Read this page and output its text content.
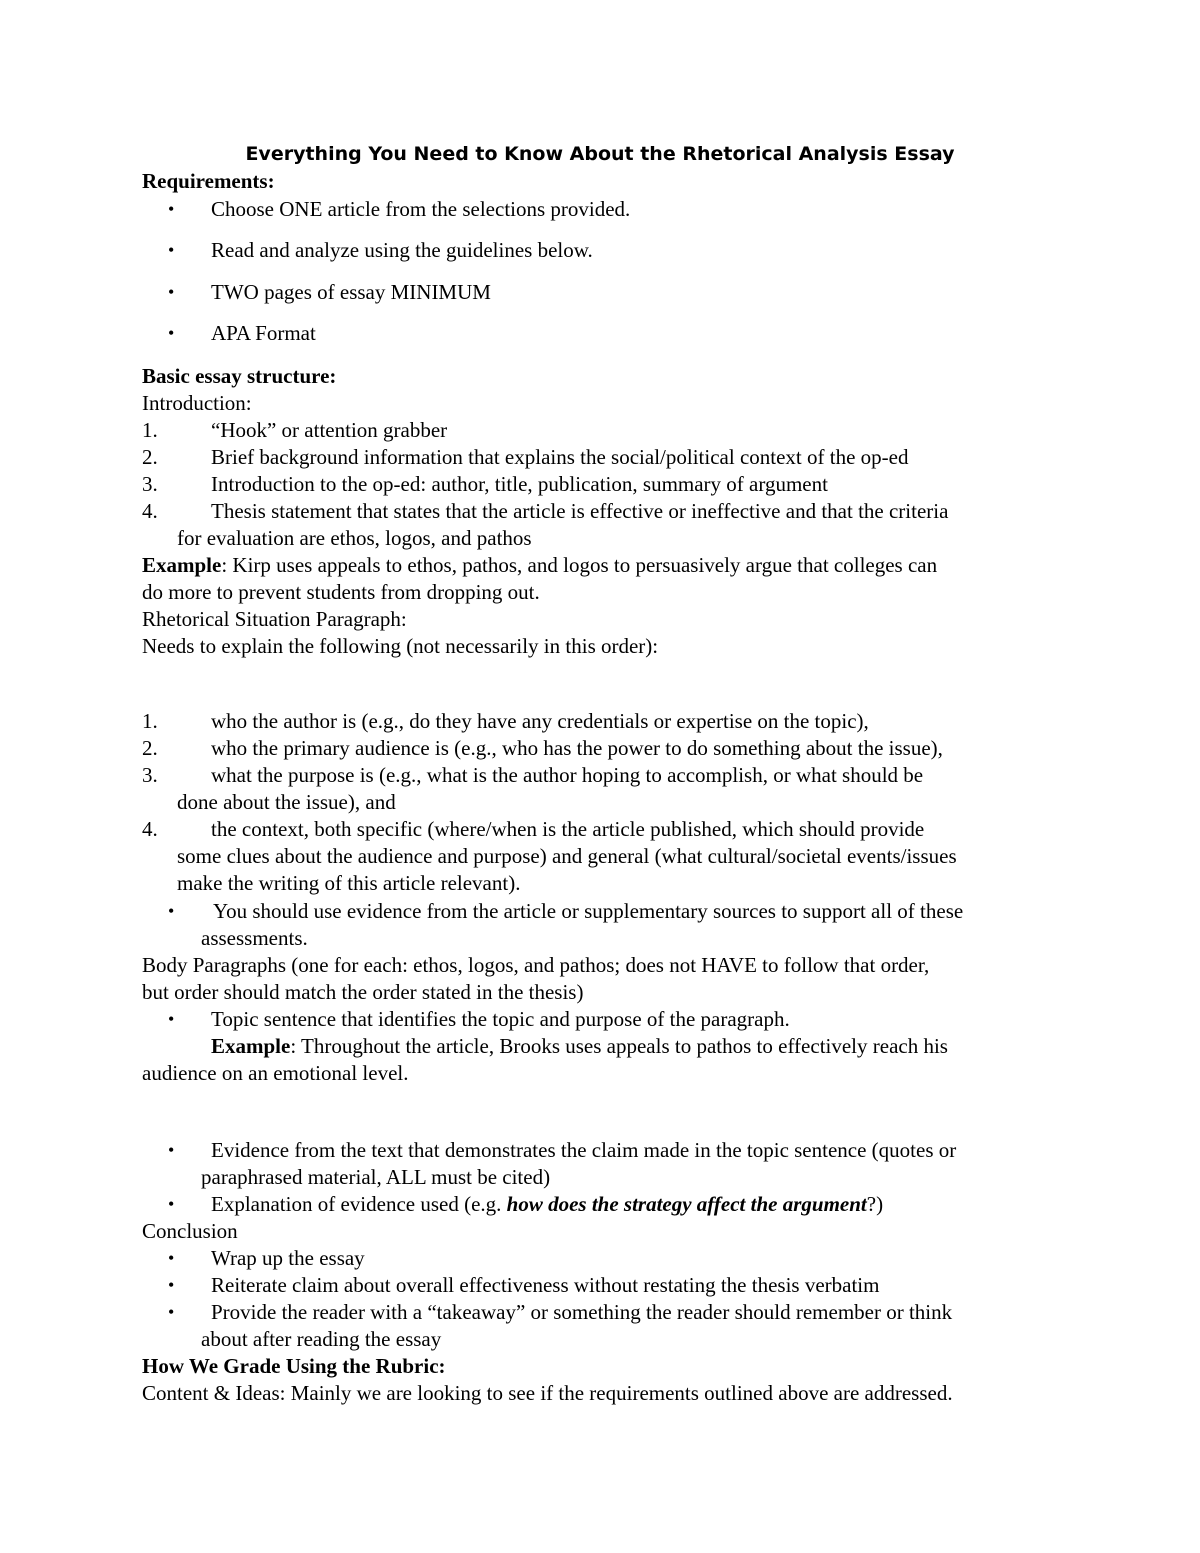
Everything You Need to Know About the Rhetorical Analysis Essay
Requirements:
• Choose ONE article from the selections provided.
• Read and analyze using the guidelines below.
• TWO pages of essay MINIMUM
• APA Format
Basic essay structure:
Introduction:
1.	“Hook” or attention grabber
2.	Brief background information that explains the social/political context of the op-ed
3.	Introduction to the op-ed: author, title, publication, summary of argument
4.	Thesis statement that states that the article is effective or ineffective and that the criteria
for evaluation are ethos, logos, and pathos
Example: Kirp uses appeals to ethos, pathos, and logos to persuasively argue that colleges can
do more to prevent students from dropping out.
Rhetorical Situation Paragraph:
Needs to explain the following (not necessarily in this order):
1.	who the author is (e.g., do they have any credentials or expertise on the topic),
2.	who the primary audience is (e.g., who has the power to do something about the issue),
3.	what the purpose is (e.g., what is the author hoping to accomplish, or what should be
done about the issue), and
4.	the context, both specific (where/when is the article published, which should provide
some clues about the audience and purpose) and general (what cultural/societal events/issues
make the writing of this article relevant).
• You should use evidence from the article or supplementary sources to support all of these
assessments.
Body Paragraphs (one for each: ethos, logos, and pathos; does not HAVE to follow that order,
but order should match the order stated in the thesis)
• Topic sentence that identifies the topic and purpose of the paragraph.
Example: Throughout the article, Brooks uses appeals to pathos to effectively reach his
audience on an emotional level.
• Evidence from the text that demonstrates the claim made in the topic sentence (quotes or
paraphrased material, ALL must be cited)
• Explanation of evidence used (e.g. how does the strategy affect the argument?)
Conclusion
• Wrap up the essay
• Reiterate claim about overall effectiveness without restating the thesis verbatim
• Provide the reader with a “takeaway” or something the reader should remember or think
about after reading the essay
How We Grade Using the Rubric:
Content & Ideas: Mainly we are looking to see if the requirements outlined above are addressed.
